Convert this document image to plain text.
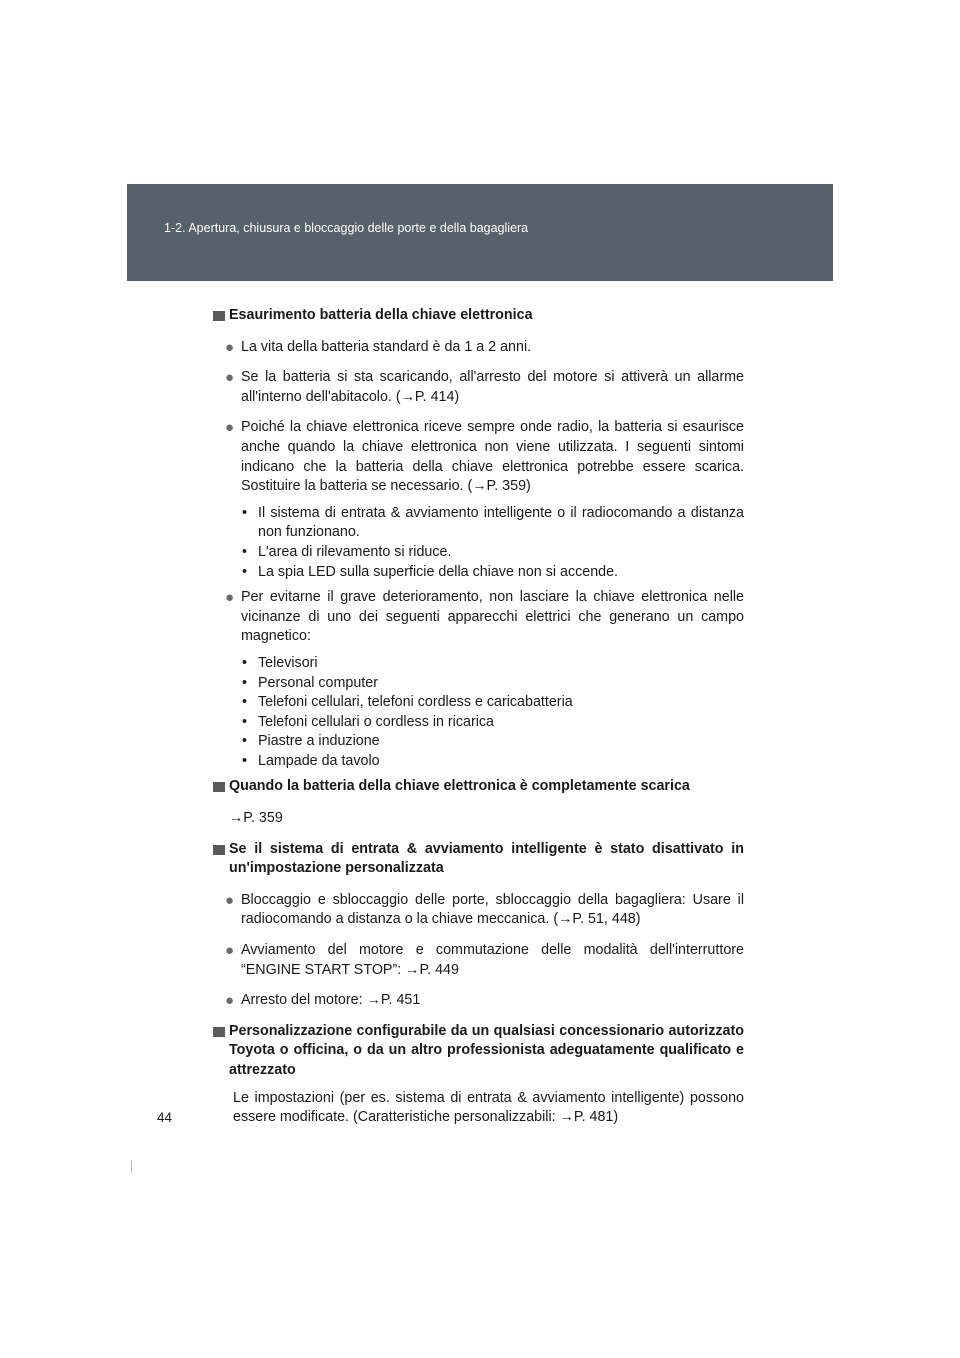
1-2. Apertura, chiusura e bloccaggio delle porte e della bagagliera
Esaurimento batteria della chiave elettronica
● La vita della batteria standard è da 1 a 2 anni.
● Se la batteria si sta scaricando, all'arresto del motore si attiverà un allarme all'interno dell'abitacolo. (→P. 414)
● Poiché la chiave elettronica riceve sempre onde radio, la batteria si esaurisce anche quando la chiave elettronica non viene utilizzata. I seguenti sintomi indicano che la batteria della chiave elettronica potrebbe essere scarica. Sostituire la batteria se necessario. (→P. 359)
• Il sistema di entrata & avviamento intelligente o il radiocomando a distanza non funzionano.
• L'area di rilevamento si riduce.
• La spia LED sulla superficie della chiave non si accende.
● Per evitarne il grave deterioramento, non lasciare la chiave elettronica nelle vicinanze di uno dei seguenti apparecchi elettrici che generano un campo magnetico:
• Televisori
• Personal computer
• Telefoni cellulari, telefoni cordless e caricabatteria
• Telefoni cellulari o cordless in ricarica
• Piastre a induzione
• Lampade da tavolo
Quando la batteria della chiave elettronica è completamente scarica
→P. 359
Se il sistema di entrata & avviamento intelligente è stato disattivato in un'impostazione personalizzata
● Bloccaggio e sbloccaggio delle porte, sbloccaggio della bagagliera: Usare il radiocomando a distanza o la chiave meccanica. (→P. 51, 448)
● Avviamento del motore e commutazione delle modalità dell'interruttore “ENGINE START STOP”: →P. 449
● Arresto del motore: →P. 451
Personalizzazione configurabile da un qualsiasi concessionario autorizzato Toyota o officina, o da un altro professionista adeguatamente qualificato e attrezzato
Le impostazioni (per es. sistema di entrata & avviamento intelligente) possono essere modificate. (Caratteristiche personalizzabili: →P. 481)
44
